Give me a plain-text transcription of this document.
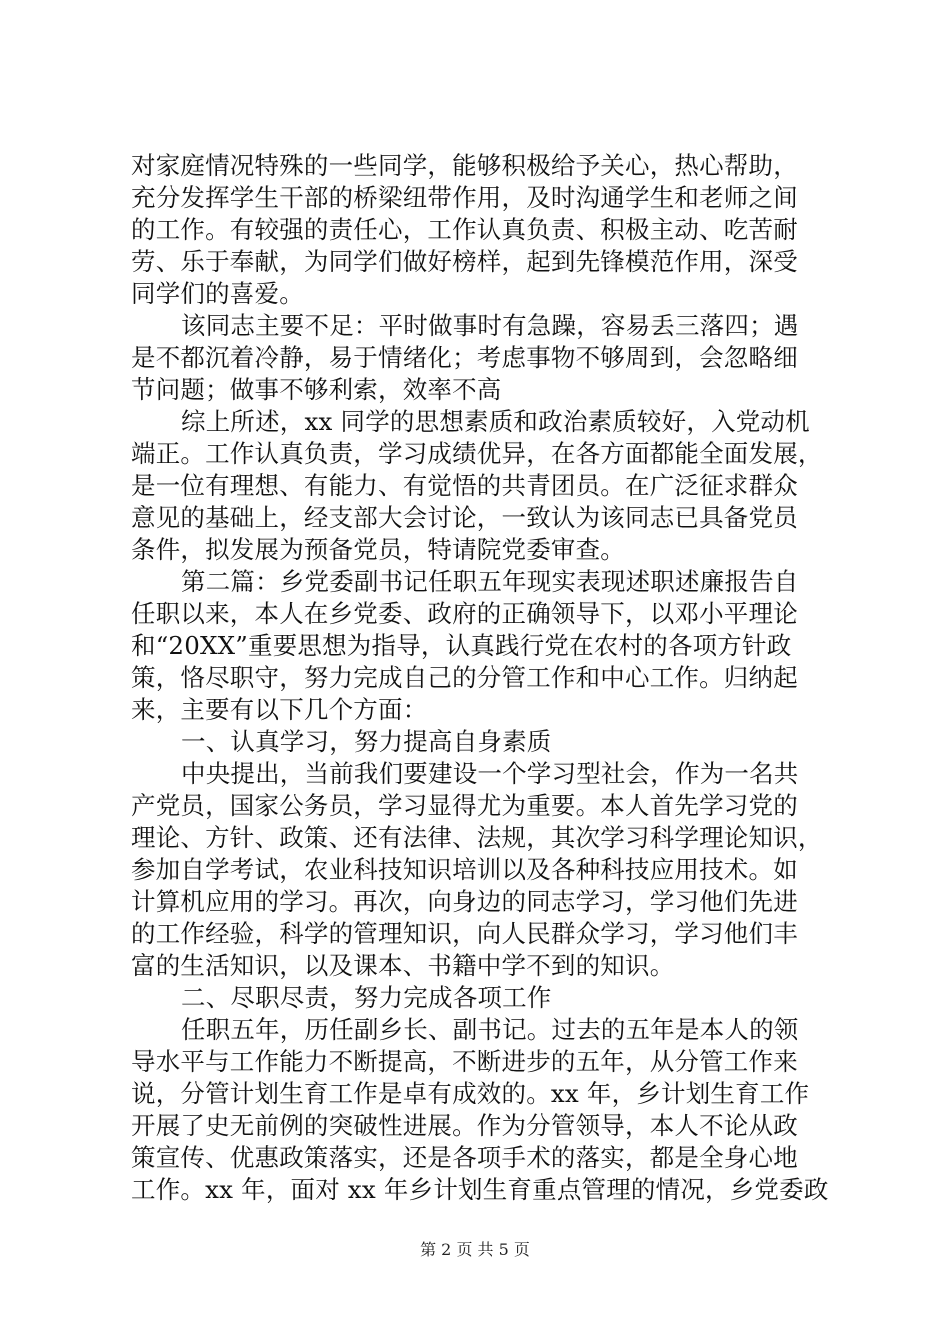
对家庭情况特殊的一些同学，能够积极给予关心，热心帮助，
充分发挥学生干部的桥梁纽带作用，及时沟通学生和老师之间
的工作。有较强的责任心，工作认真负责、积极主动、吃苦耐
劳、乐于奉献，为同学们做好榜样，起到先锋模范作用，深受
同学们的喜爱。
该同志主要不足：平时做事时有急躁，容易丢三落四；遇
是不都沉着冷静，易于情绪化；考虑事物不够周到，会忽略细
节问题；做事不够利索，效率不高
综上所述，xx 同学的思想素质和政治素质较好，入党动机
端正。工作认真负责，学习成绩优异，在各方面都能全面发展，
是一位有理想、有能力、有觉悟的共青团员。在广泛征求群众
意见的基础上，经支部大会讨论，一致认为该同志已具备党员
条件，拟发展为预备党员，特请院党委审查。
第二篇：乡党委副书记任职五年现实表现述职述廉报告自
任职以来，本人在乡党委、政府的正确领导下，以邓小平理论
和“20XX”重要思想为指导，认真践行党在农村的各项方针政
策，恪尽职守，努力完成自己的分管工作和中心工作。归纳起
来，主要有以下几个方面：
一、认真学习，努力提高自身素质
中央提出，当前我们要建设一个学习型社会，作为一名共
产党员，国家公务员，学习显得尤为重要。本人首先学习党的
理论、方针、政策、还有法律、法规，其次学习科学理论知识，
参加自学考试，农业科技知识培训以及各种科技应用技术。如
计算机应用的学习。再次，向身边的同志学习，学习他们先进
的工作经验，科学的管理知识，向人民群众学习，学习他们丰
富的生活知识，以及课本、书籍中学不到的知识。
二、尽职尽责，努力完成各项工作
任职五年，历任副乡长、副书记。过去的五年是本人的领
导水平与工作能力不断提高，不断进步的五年，从分管工作来
说，分管计划生育工作是卓有成效的。xx 年，乡计划生育工作
开展了史无前例的突破性进展。作为分管领导，本人不论从政
策宣传、优惠政策落实，还是各项手术的落实，都是全身心地
工作。xx 年，面对 xx 年乡计划生育重点管理的情况，乡党委政
第 2 页 共 5 页
